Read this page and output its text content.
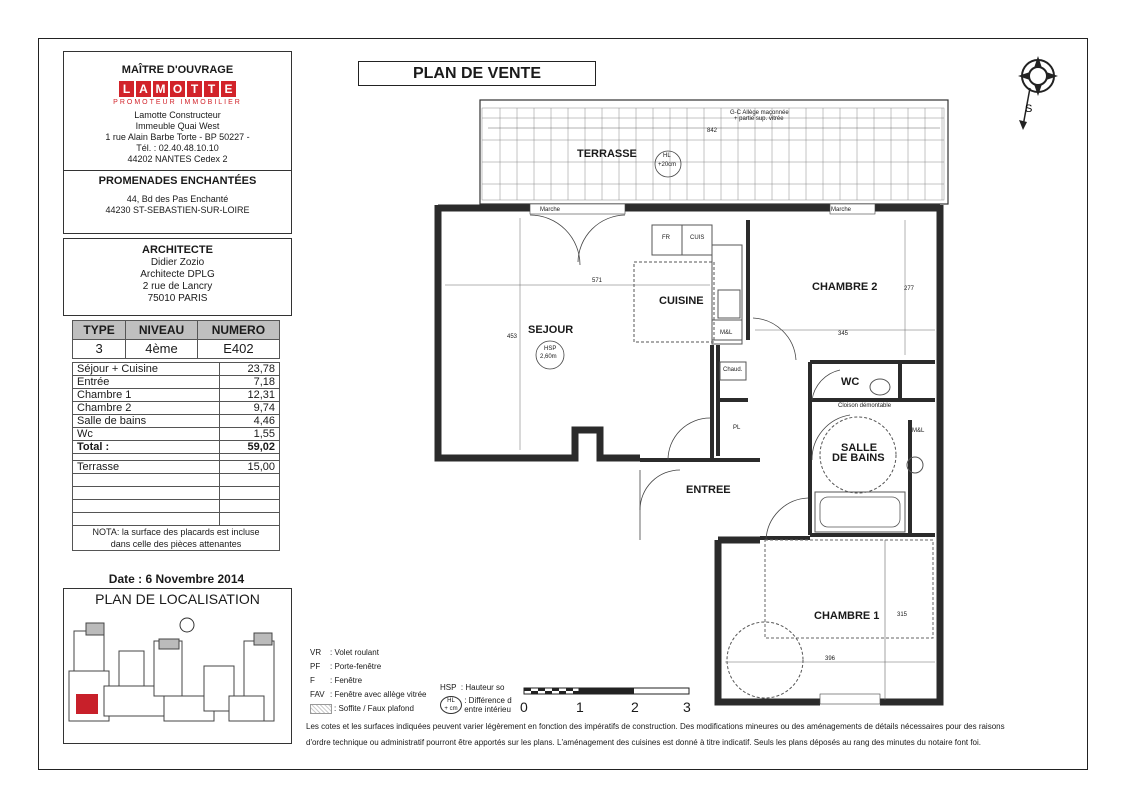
MAÎTRE D'OUVRAGE
L A M O T T E
PROMOTEUR IMMOBILIER
Lamotte Constructeur
Immeuble Quai West
1 rue Alain Barbe Torte - BP 50227 -
Tél. : 02.40.48.10.10
44202 NANTES Cedex 2
PROMENADES ENCHANTÉES
44, Bd des Pas Enchanté
44230 ST-SEBASTIEN-SUR-LOIRE
ARCHITECTE
Didier Zozio
Architecte DPLG
2 rue de Lancry
75010 PARIS
TYPE	NIVEAU	NUMERO
3	4ème	E402
Séjour + Cuisine	23,78
Entrée	7,18
Chambre 1	12,31
Chambre 2	9,74
Salle de bains	4,46
Wc	1,55
Total :	59,02

Terrasse	15,00

NOTA: la surface des placards est incluse	
dans celle des pièces attenantes	
Date : 6 Novembre 2014
PLAN DE LOCALISATION
PLAN DE VENTE
S
TERRASSE
SEJOUR
CUISINE
CHAMBRE 2
WC
SALLE
DE BAINS
ENTREE
CHAMBRE 1
HL
+20cm
HSP
2,60m
FR	CUIS
M&L
M&L
Chaud.
Cloison démontable
PL
571
842
345
396
453
277
315
Marche	Marche
G-C Allège maçonnée
+ partie sup. vitrée
VR : Volet roulant
PF : Porte-fenêtre
F : Fenêtre
FAV : Fenêtre avec allège vitrée
: Soffite / Faux plafond
HSP : Hauteur so
HL
+ cm : Différence d
entre intérieu 0	1	2	3
Les cotes et les surfaces indiquées peuvent varier légèrement en fonction des impératifs de construction. Des modifications mineures ou des aménagements de détails nécessaires pour des raisons
d'ordre technique ou administratif pourront être apportés sur les plans. L'aménagement des cuisines est donné à titre indicatif. Seuls les plans déposés au rang des minutes du notaire font foi.
